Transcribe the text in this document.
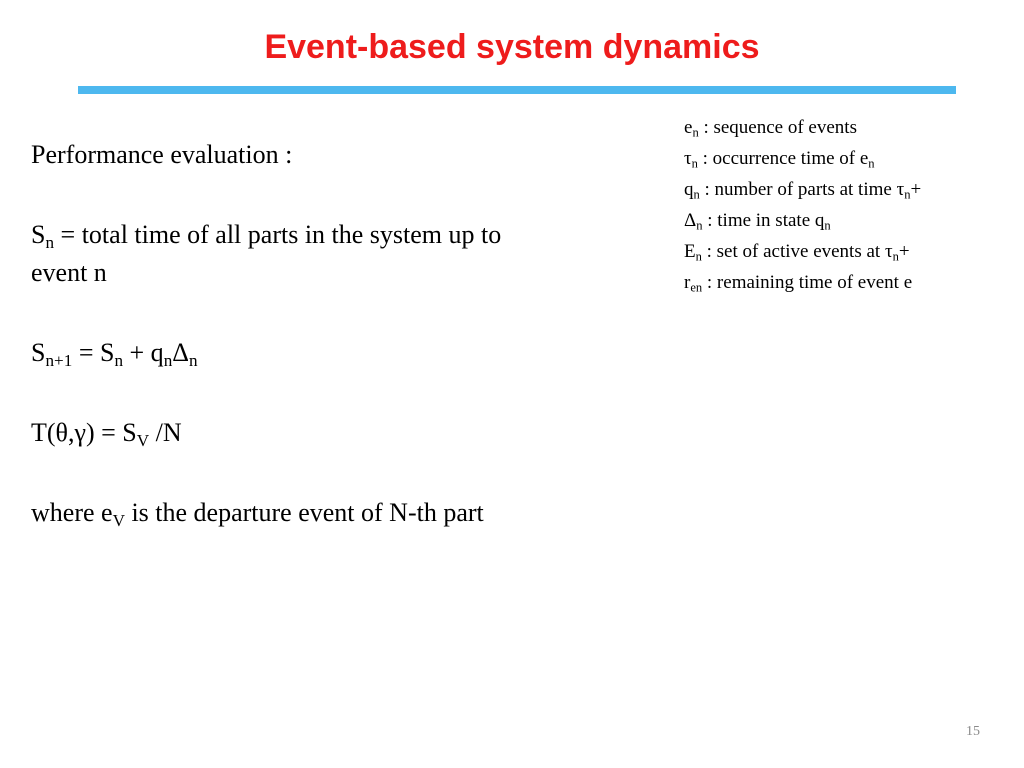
Event-based system dynamics
Performance evaluation :
$S_n$ = total time of all parts in the system up to
event n
$S_{n+1} = S_n + q_n\Delta_n$
$T(\theta,\gamma) = S_V$ /N
where $e_V$ is the departure event of N-th part
$e_n$ : sequence of events
$\tau_n$ : occurrence time of $e_n$
$q_n$ : number of parts at time $\tau_n+$
$\Delta_n$ : time in state $q_n$
$E_n$ : set of active events at $\tau_n+$
$r_{en}$ : remaining time of event e
15
